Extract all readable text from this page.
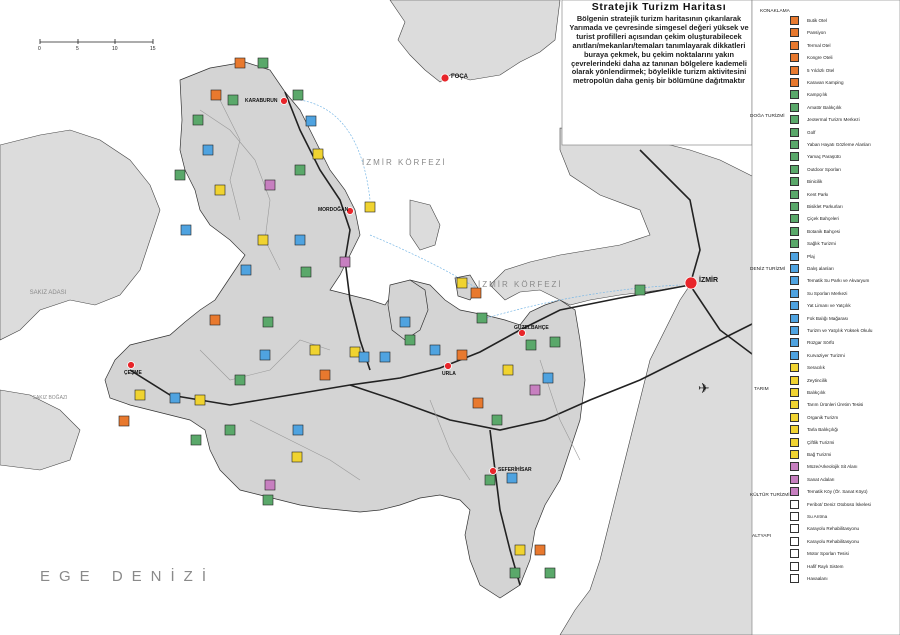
✈
0	5	10	15
EGE DENİZİ
İZMİR KÖRFEZİ
İZMİR KÖRFEZİ
SAKIZ ADASI
SAKIZ BOĞAZI
FOÇA
KARABURUN
MORDOĞAN
İZMİR
GÜZELBAHÇE
URLA
ÇEŞME
SEFERİHİSAR
Stratejik Turizm Haritası
Bölgenin stratejik turizm haritasının çıkarılarak Yarımada ve çevresinde simgesel değeri yüksek ve turist profilleri açısından çekim oluşturabilecek anıtları/mekanları/temaları tanımlayarak dikkatleri buraya çekmek, bu çekim noktalarını yakın çevrelerindeki daha az tanınan bölgelere kademeli olarak yönlendirmek; böylelikle turizm aktivitesini metropolün daha geniş bir bölümüne dağıtmaktır
KONAKLAMA
DOĞA TURİZMİ
DENİZ TURİZMİ
TARIM
KÜLTÜR TURİZMİ
ALTYAPI
Butik Otel
Pansiyon
Termal Otel
Kongre Oteli
5 Yıldızlı Otel
Karavan Kamping
Kampçılık
Amatör Balıkçılık
Jeotermal Turizm Merkezi
Golf
Yaban Hayatı Gözleme Alanları
Yamaç Paraşütü
Outdoor Sporları
Binicilik
Kent Parkı
Bisiklet Parkurları
Çiçek Bahçeleri
Botanik Bahçesi
Sağlık Turizmi
Plaj
Dalış alanları
Tematik Su Parkı ve Akvaryum
Su Sporları Merkezi
Yat Limanı ve Yatçılık
Fok Balığı Mağarası
Turizm ve Yatçılık Yüksek Okulu
Rüzgar Sörfü
Kurvaziyer Turizmi
Seracılık
Zeytincilik
Balıkçılık
Tarım Ürünleri Üretim Tesisi
Organik Turizm
Tarla Balıkçılığı
Çiftlik Turizmi
Bağ Turizmi
Müze/Arkeolojik Sit Alanı
Sanat Adaları
Tematik Köy (Ör. Sanat Köyü)
Feribot/ Deniz Otobüsü İskelesi
Su Arıtma
Karayolu Rehabilitasyonu
Karayolu Rehabilitasyonu
Motor Sporları Tesisi
Hafif Raylı Sistem
Havaalanı
